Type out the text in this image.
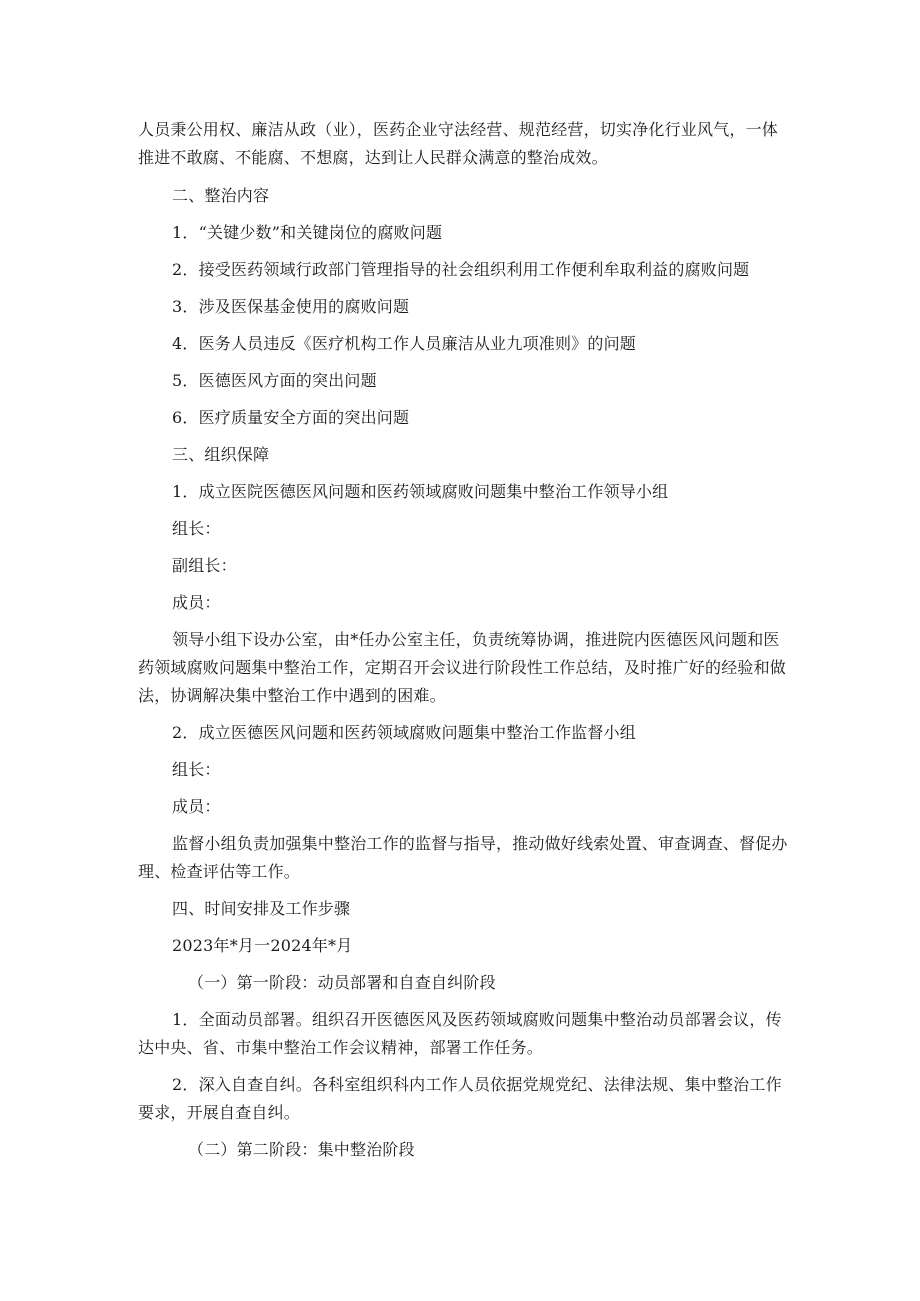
人员秉公用权、廉洁从政（业），医药企业守法经营、规范经营，切实净化行业风气，一体推进不敢腐、不能腐、不想腐，达到让人民群众满意的整治成效。

二、整治内容

1．“关键少数”和关键岗位的腐败问题

2．接受医药领域行政部门管理指导的社会组织利用工作便利牟取利益的腐败问题

3．涉及医保基金使用的腐败问题

4．医务人员违反《医疗机构工作人员廉洁从业九项准则》的问题

5．医德医风方面的突出问题

6．医疗质量安全方面的突出问题

三、组织保障

1．成立医院医德医风问题和医药领域腐败问题集中整治工作领导小组

组长：

副组长：

成员：

领导小组下设办公室，由*任办公室主任，负责统筹协调，推进院内医德医风问题和医药领域腐败问题集中整治工作，定期召开会议进行阶段性工作总结，及时推广好的经验和做法，协调解决集中整治工作中遇到的困难。

2．成立医德医风问题和医药领域腐败问题集中整治工作监督小组

组长：

成员：

监督小组负责加强集中整治工作的监督与指导，推动做好线索处置、审查调查、督促办理、检查评估等工作。

四、时间安排及工作步骤

2023年*月一2024年*月

（一）第一阶段：动员部署和自查自纠阶段

1．全面动员部署。组织召开医德医风及医药领域腐败问题集中整治动员部署会议，传达中央、省、市集中整治工作会议精神，部署工作任务。

2．深入自查自纠。各科室组织科内工作人员依据党规党纪、法律法规、集中整治工作要求，开展自查自纠。

（二）第二阶段：集中整治阶段
